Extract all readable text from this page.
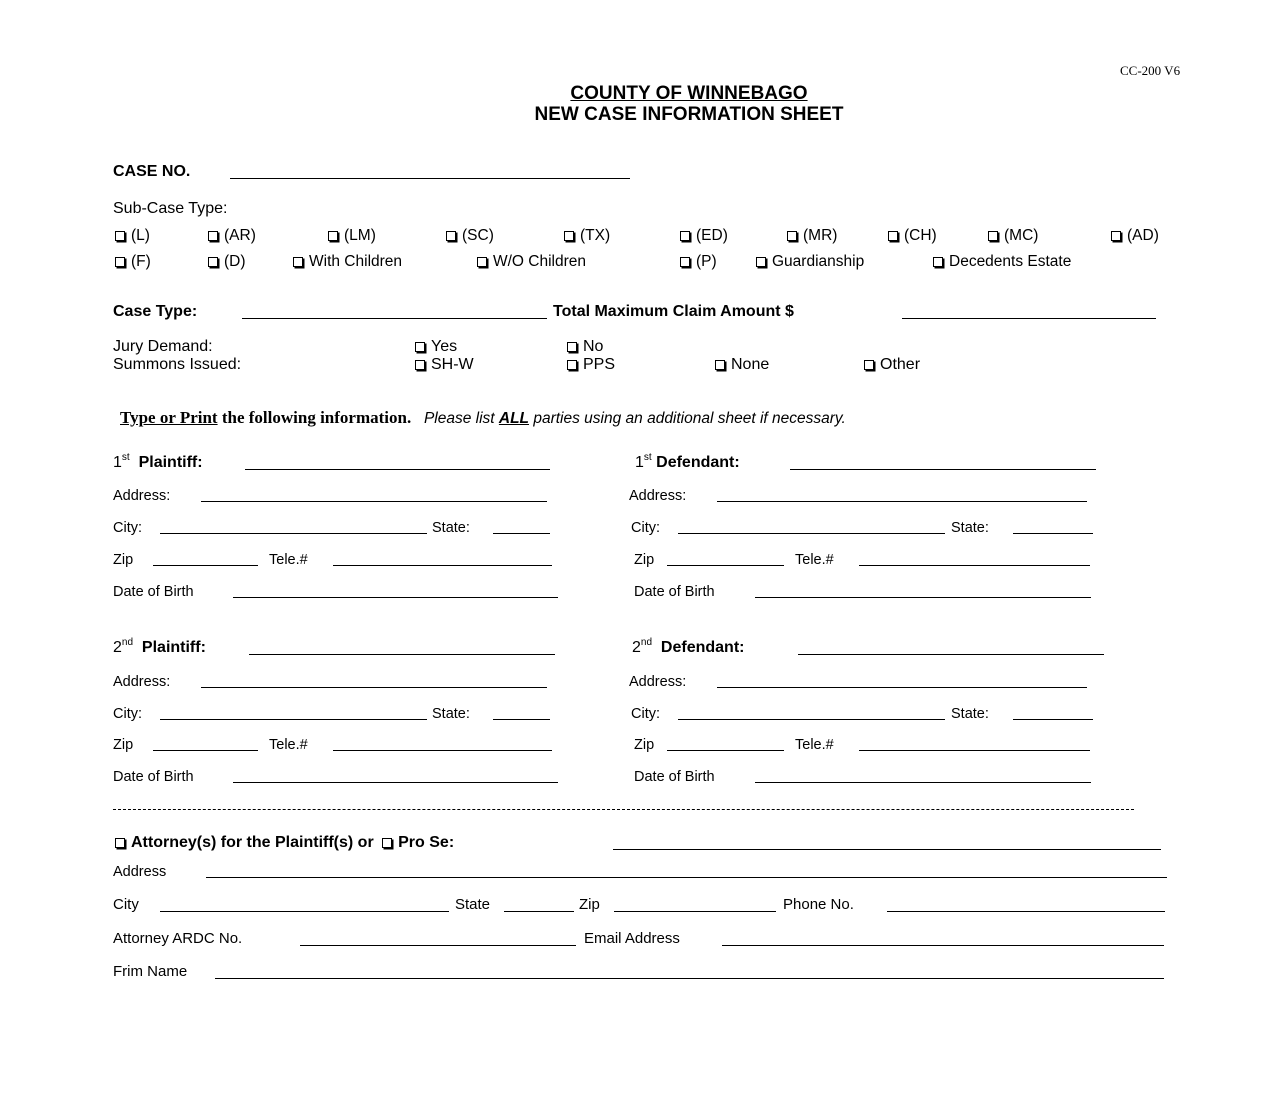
CC-200 V6
COUNTY OF WINNEBAGO
NEW CASE INFORMATION SHEET
CASE NO.
Sub-Case Type:
(L)	(AR)	(LM)	(SC)	(TX)	(ED)	(MR)	(CH)	(MC)	(AD)
(F)	(D)	With Children	W/O Children	(P)	Guardianship	Decedents Estate
Case Type:	Total Maximum Claim Amount $
Jury Demand:	Yes	No
Summons Issued:	SH-W	PPS	None	Other
Type or Print the following information. Please list ALL parties using an additional sheet if necessary.
1st Plaintiff:
Address:
City:	State:
Zip	Tele.#
Date of Birth
1st Defendant:
Address:
City:	State:
Zip	Tele.#
Date of Birth
2nd Plaintiff:
Address:
City:	State:
Zip	Tele.#
Date of Birth
2nd Defendant:
Address:
City:	State:
Zip	Tele.#
Date of Birth
Attorney(s) for the Plaintiff(s) or Pro Se:
Address
City	State	Zip	Phone No.
Attorney ARDC No.	Email Address
Frim Name
